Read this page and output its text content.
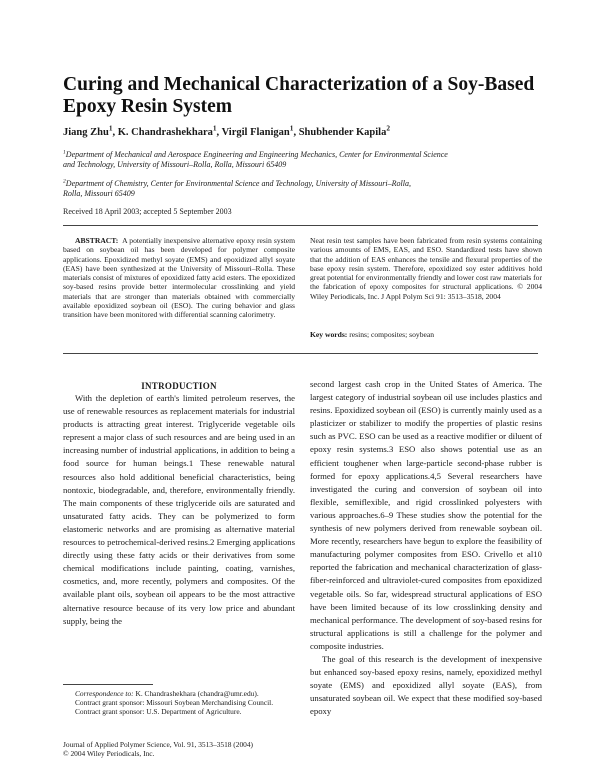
Curing and Mechanical Characterization of a Soy-Based
Epoxy Resin System
Jiang Zhu$^1$, K. Chandrashekhara$^1$, Virgil Flanigan$^1$, Shubhender Kapila$^2$
$^1$Department of Mechanical and Aerospace Engineering and Engineering Mechanics, Center for Environmental Science
and Technology, University of Missouri–Rolla, Rolla, Missouri 65409
$^2$Department of Chemistry, Center for Environmental Science and Technology, University of Missouri–Rolla,
Rolla, Missouri 65409
Received 18 April 2003; accepted 5 September 2003
ABSTRACT: A potentially inexpensive alternative epoxy resin system based on soybean oil has been developed for polymer composite applications. Epoxidized methyl soyate (EMS) and epoxidized allyl soyate (EAS) have been synthesized at the University of Missouri–Rolla. These materials consist of mixtures of epoxidized fatty acid esters. The epoxidized soy-based resins provide better intermolecular crosslinking and yield materials that are stronger than materials obtained with commercially available epoxidized soybean oil (ESO). The curing behavior and glass transition have been monitored with differential scanning calorimetry.
Neat resin test samples have been fabricated from resin systems containing various amounts of EMS, EAS, and ESO. Standardized tests have shown that the addition of EAS enhances the tensile and flexural properties of the base epoxy resin system. Therefore, epoxidized soy ester additives hold great potential for environmentally friendly and lower cost raw materials for the fabrication of epoxy composites for structural applications. © 2004 Wiley Periodicals, Inc. J Appl Polym Sci 91: 3513–3518, 2004
Key words: resins; composites; soybean
INTRODUCTION

With the depletion of earth's limited petroleum reserves, the use of renewable resources as replacement materials for industrial products is attracting great interest. Triglyceride vegetable oils represent a major class of such resources and are being used in an increasing number of industrial applications, in addition to being a food source for human beings.1 These renewable natural resources also hold additional beneficial characteristics, being nontoxic, biodegradable, and, therefore, environmentally friendly. The main components of these triglyceride oils are saturated and unsaturated fatty acids. They can be polymerized to form elastomeric networks and are promising as alternative material resources to petrochemical-derived resins.2 Emerging applications directly using these fatty acids or their derivatives from some chemical modifications include painting, coating, varnishes, cosmetics, and, more recently, polymers and composites. Of the available plant oils, soybean oil appears to be the most attractive alternative resource because of its very low price and abundant supply, being the

second largest cash crop in the United States of America. The largest category of industrial soybean oil use includes plastics and resins. Epoxidized soybean oil (ESO) is currently mainly used as a plasticizer or stabilizer to modify the properties of plastic resins such as PVC. ESO can be used as a reactive modifier or diluent of epoxy resin systems.3 ESO also shows potential use as an efficient toughener when large-particle second-phase rubber is formed for epoxy applications.4,5 Several researchers have investigated the curing and conversion of soybean oil into flexible, semiflexible, and rigid crosslinked polyesters with various approaches.6–9 These studies show the potential for the synthesis of new polymers derived from renewable soybean oil. More recently, researchers have begun to explore the feasibility of manufacturing polymer composites from ESO. Crivello et al10 reported the fabrication and mechanical characterization of glass-fiber-reinforced and ultraviolet-cured composites from epoxidized vegetable oils. So far, widespread structural applications of ESO have been limited because of its low crosslinking density and mechanical performance. The development of soy-based resins for structural applications is still a challenge for the polymer and composite industries.

The goal of this research is the development of inexpensive but enhanced soy-based epoxy resins, namely, epoxidized methyl soyate (EMS) and epoxidized allyl soyate (EAS), from unsaturated soybean oil. We expect that these modified soy-based epoxy

Correspondence to: K. Chandrashekhara (chandra@umr.edu).
Contract grant sponsor: Missouri Soybean Merchandising Council.
Contract grant sponsor: U.S. Department of Agriculture.
Journal of Applied Polymer Science, Vol. 91, 3513–3518 (2004)
© 2004 Wiley Periodicals, Inc.
